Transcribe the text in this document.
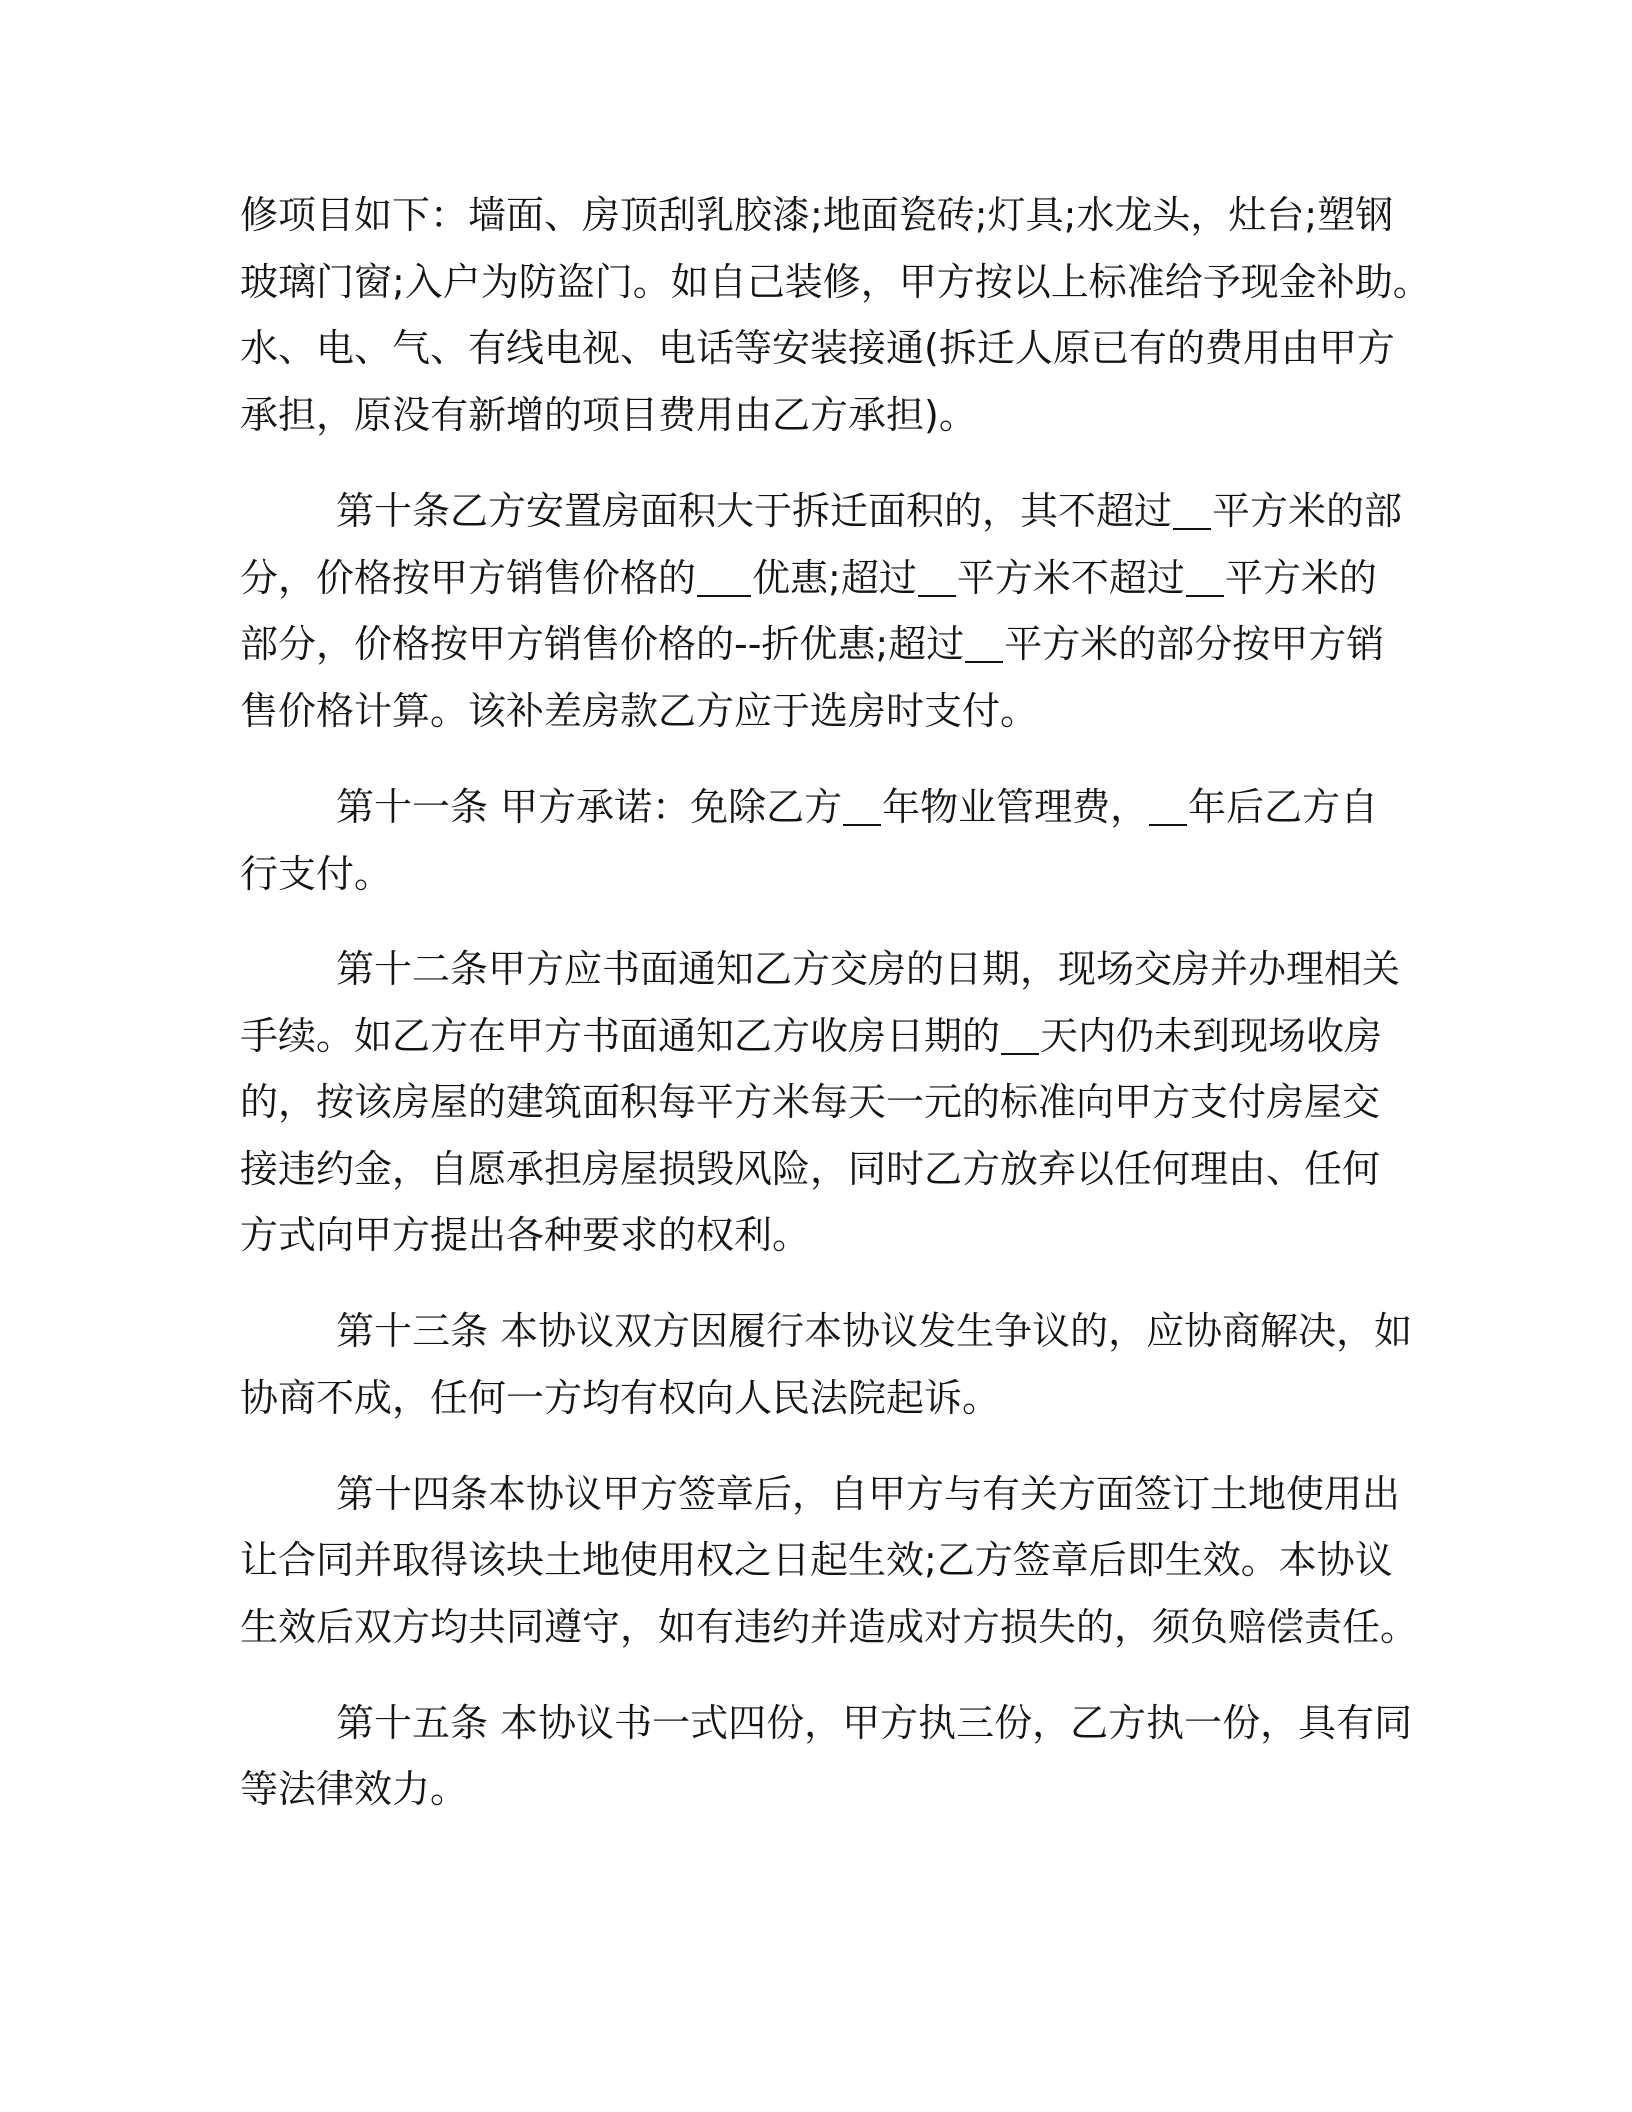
修项目如下：墙面、房顶刮乳胶漆;地面瓷砖;灯具;水龙头，灶台;塑钢
玻璃门窗;入户为防盗门。如自己装修，甲方按以上标准给予现金补助。
水、电、气、有线电视、电话等安装接通(拆迁人原已有的费用由甲方
承担，原没有新增的项目费用由乙方承担)。
第十条乙方安置房面积大于拆迁面积的，其不超过 平方米的部
分，价格按甲方销售价格的 优惠;超过 平方米不超过 平方米的
部分，价格按甲方销售价格的--折优惠;超过 平方米的部分按甲方销
售价格计算。该补差房款乙方应于选房时支付。
第十一条 甲方承诺：免除乙方 年物业管理费， 年后乙方自
行支付。
第十二条甲方应书面通知乙方交房的日期，现场交房并办理相关
手续。如乙方在甲方书面通知乙方收房日期的 天内仍未到现场收房
的，按该房屋的建筑面积每平方米每天一元的标准向甲方支付房屋交
接违约金，自愿承担房屋损毁风险，同时乙方放弃以任何理由、任何
方式向甲方提出各种要求的权利。
第十三条 本协议双方因履行本协议发生争议的，应协商解决，如
协商不成，任何一方均有权向人民法院起诉。
第十四条本协议甲方签章后，自甲方与有关方面签订土地使用出
让合同并取得该块土地使用权之日起生效;乙方签章后即生效。本协议
生效后双方均共同遵守，如有违约并造成对方损失的，须负赔偿责任。
第十五条 本协议书一式四份，甲方执三份，乙方执一份，具有同
等法律效力。
